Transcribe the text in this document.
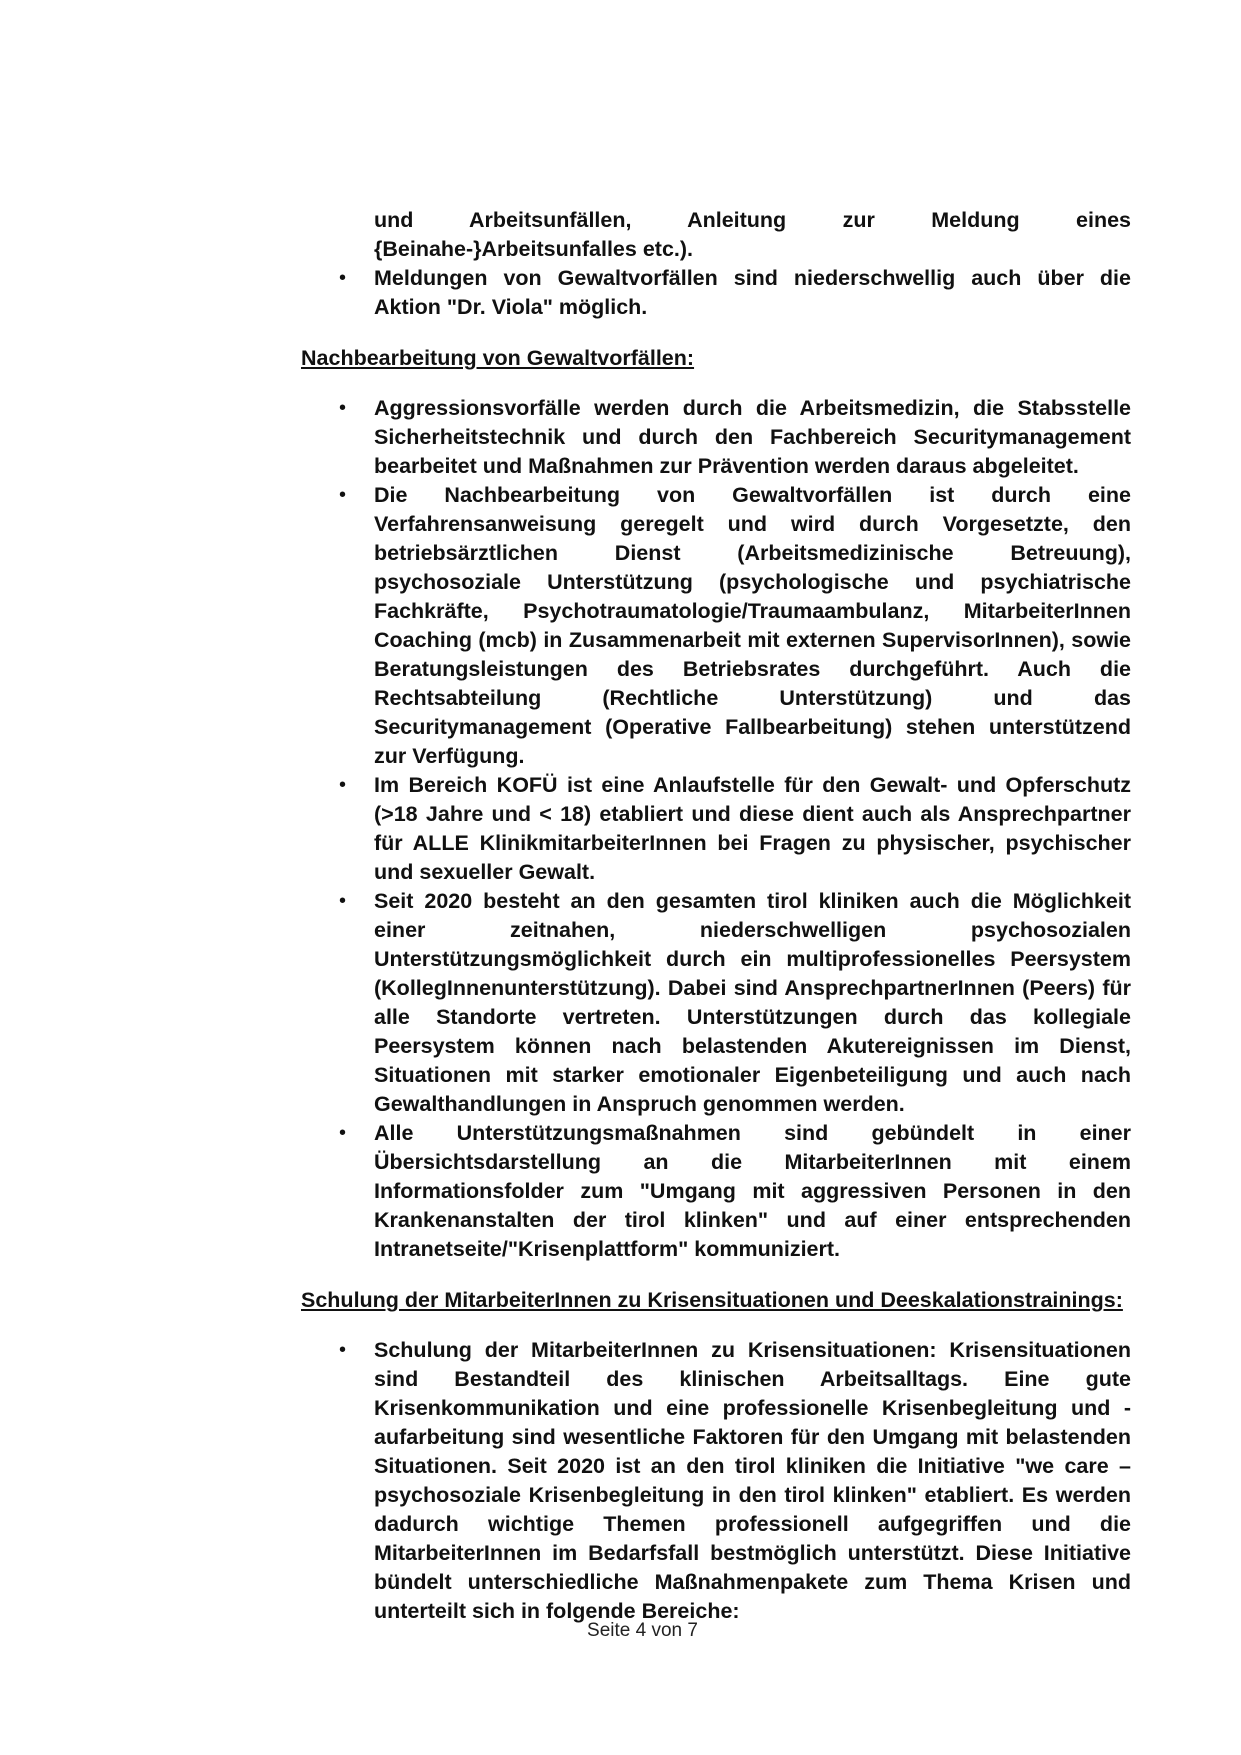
und Arbeitsunfällen, Anleitung zur Meldung eines {Beinahe-}Arbeitsunfalles etc.).
• Meldungen von Gewaltvorfällen sind niederschwellig auch über die Aktion "Dr. Viola" möglich.
Nachbearbeitung von Gewaltvorfällen:
• Aggressionsvorfälle werden durch die Arbeitsmedizin, die Stabsstelle Sicherheitstechnik und durch den Fachbereich Securitymanagement bearbeitet und Maßnahmen zur Prävention werden daraus abgeleitet.
• Die Nachbearbeitung von Gewaltvorfällen ist durch eine Verfahrensanweisung geregelt und wird durch Vorgesetzte, den betriebsärztlichen Dienst (Arbeitsmedizinische Betreuung), psychosoziale Unterstützung (psychologische und psychiatrische Fachkräfte, Psychotraumatologie/Traumaambulanz, MitarbeiterInnen Coaching (mcb) in Zusammenarbeit mit externen SupervisorInnen), sowie Beratungsleistungen des Betriebsrates durchgeführt. Auch die Rechtsabteilung (Rechtliche Unterstützung) und das Securitymanagement (Operative Fallbearbeitung) stehen unterstützend zur Verfügung.
• Im Bereich KOFÜ ist eine Anlaufstelle für den Gewalt- und Opferschutz (>18 Jahre und < 18) etabliert und diese dient auch als Ansprechpartner für ALLE KlinikmitarbeiterInnen bei Fragen zu physischer, psychischer und sexueller Gewalt.
• Seit 2020 besteht an den gesamten tirol kliniken auch die Möglichkeit einer zeitnahen, niederschwelligen psychosozialen Unterstützungsmöglichkeit durch ein multiprofessionelles Peersystem (KollegInnenunterstützung). Dabei sind AnsprechpartnerInnen (Peers) für alle Standorte vertreten. Unterstützungen durch das kollegiale Peersystem können nach belastenden Akutereignissen im Dienst, Situationen mit starker emotionaler Eigenbeteiligung und auch nach Gewalthandlungen in Anspruch genommen werden.
• Alle Unterstützungsmaßnahmen sind gebündelt in einer Übersichtsdarstellung an die MitarbeiterInnen mit einem Informationsfolder zum "Umgang mit aggressiven Personen in den Krankenanstalten der tirol klinken" und auf einer entsprechenden Intranetseite/"Krisenplattform" kommuniziert.
Schulung der MitarbeiterInnen zu Krisensituationen und Deeskalationstrainings:
• Schulung der MitarbeiterInnen zu Krisensituationen: Krisensituationen sind Bestandteil des klinischen Arbeitsalltags. Eine gute Krisenkommunikation und eine professionelle Krisenbegleitung und -aufarbeitung sind wesentliche Faktoren für den Umgang mit belastenden Situationen. Seit 2020 ist an den tirol kliniken die Initiative "we care – psychosoziale Krisenbegleitung in den tirol klinken" etabliert. Es werden dadurch wichtige Themen professionell aufgegriffen und die MitarbeiterInnen im Bedarfsfall bestmöglich unterstützt. Diese Initiative bündelt unterschiedliche Maßnahmenpakete zum Thema Krisen und unterteilt sich in folgende Bereiche:
Seite 4 von 7
